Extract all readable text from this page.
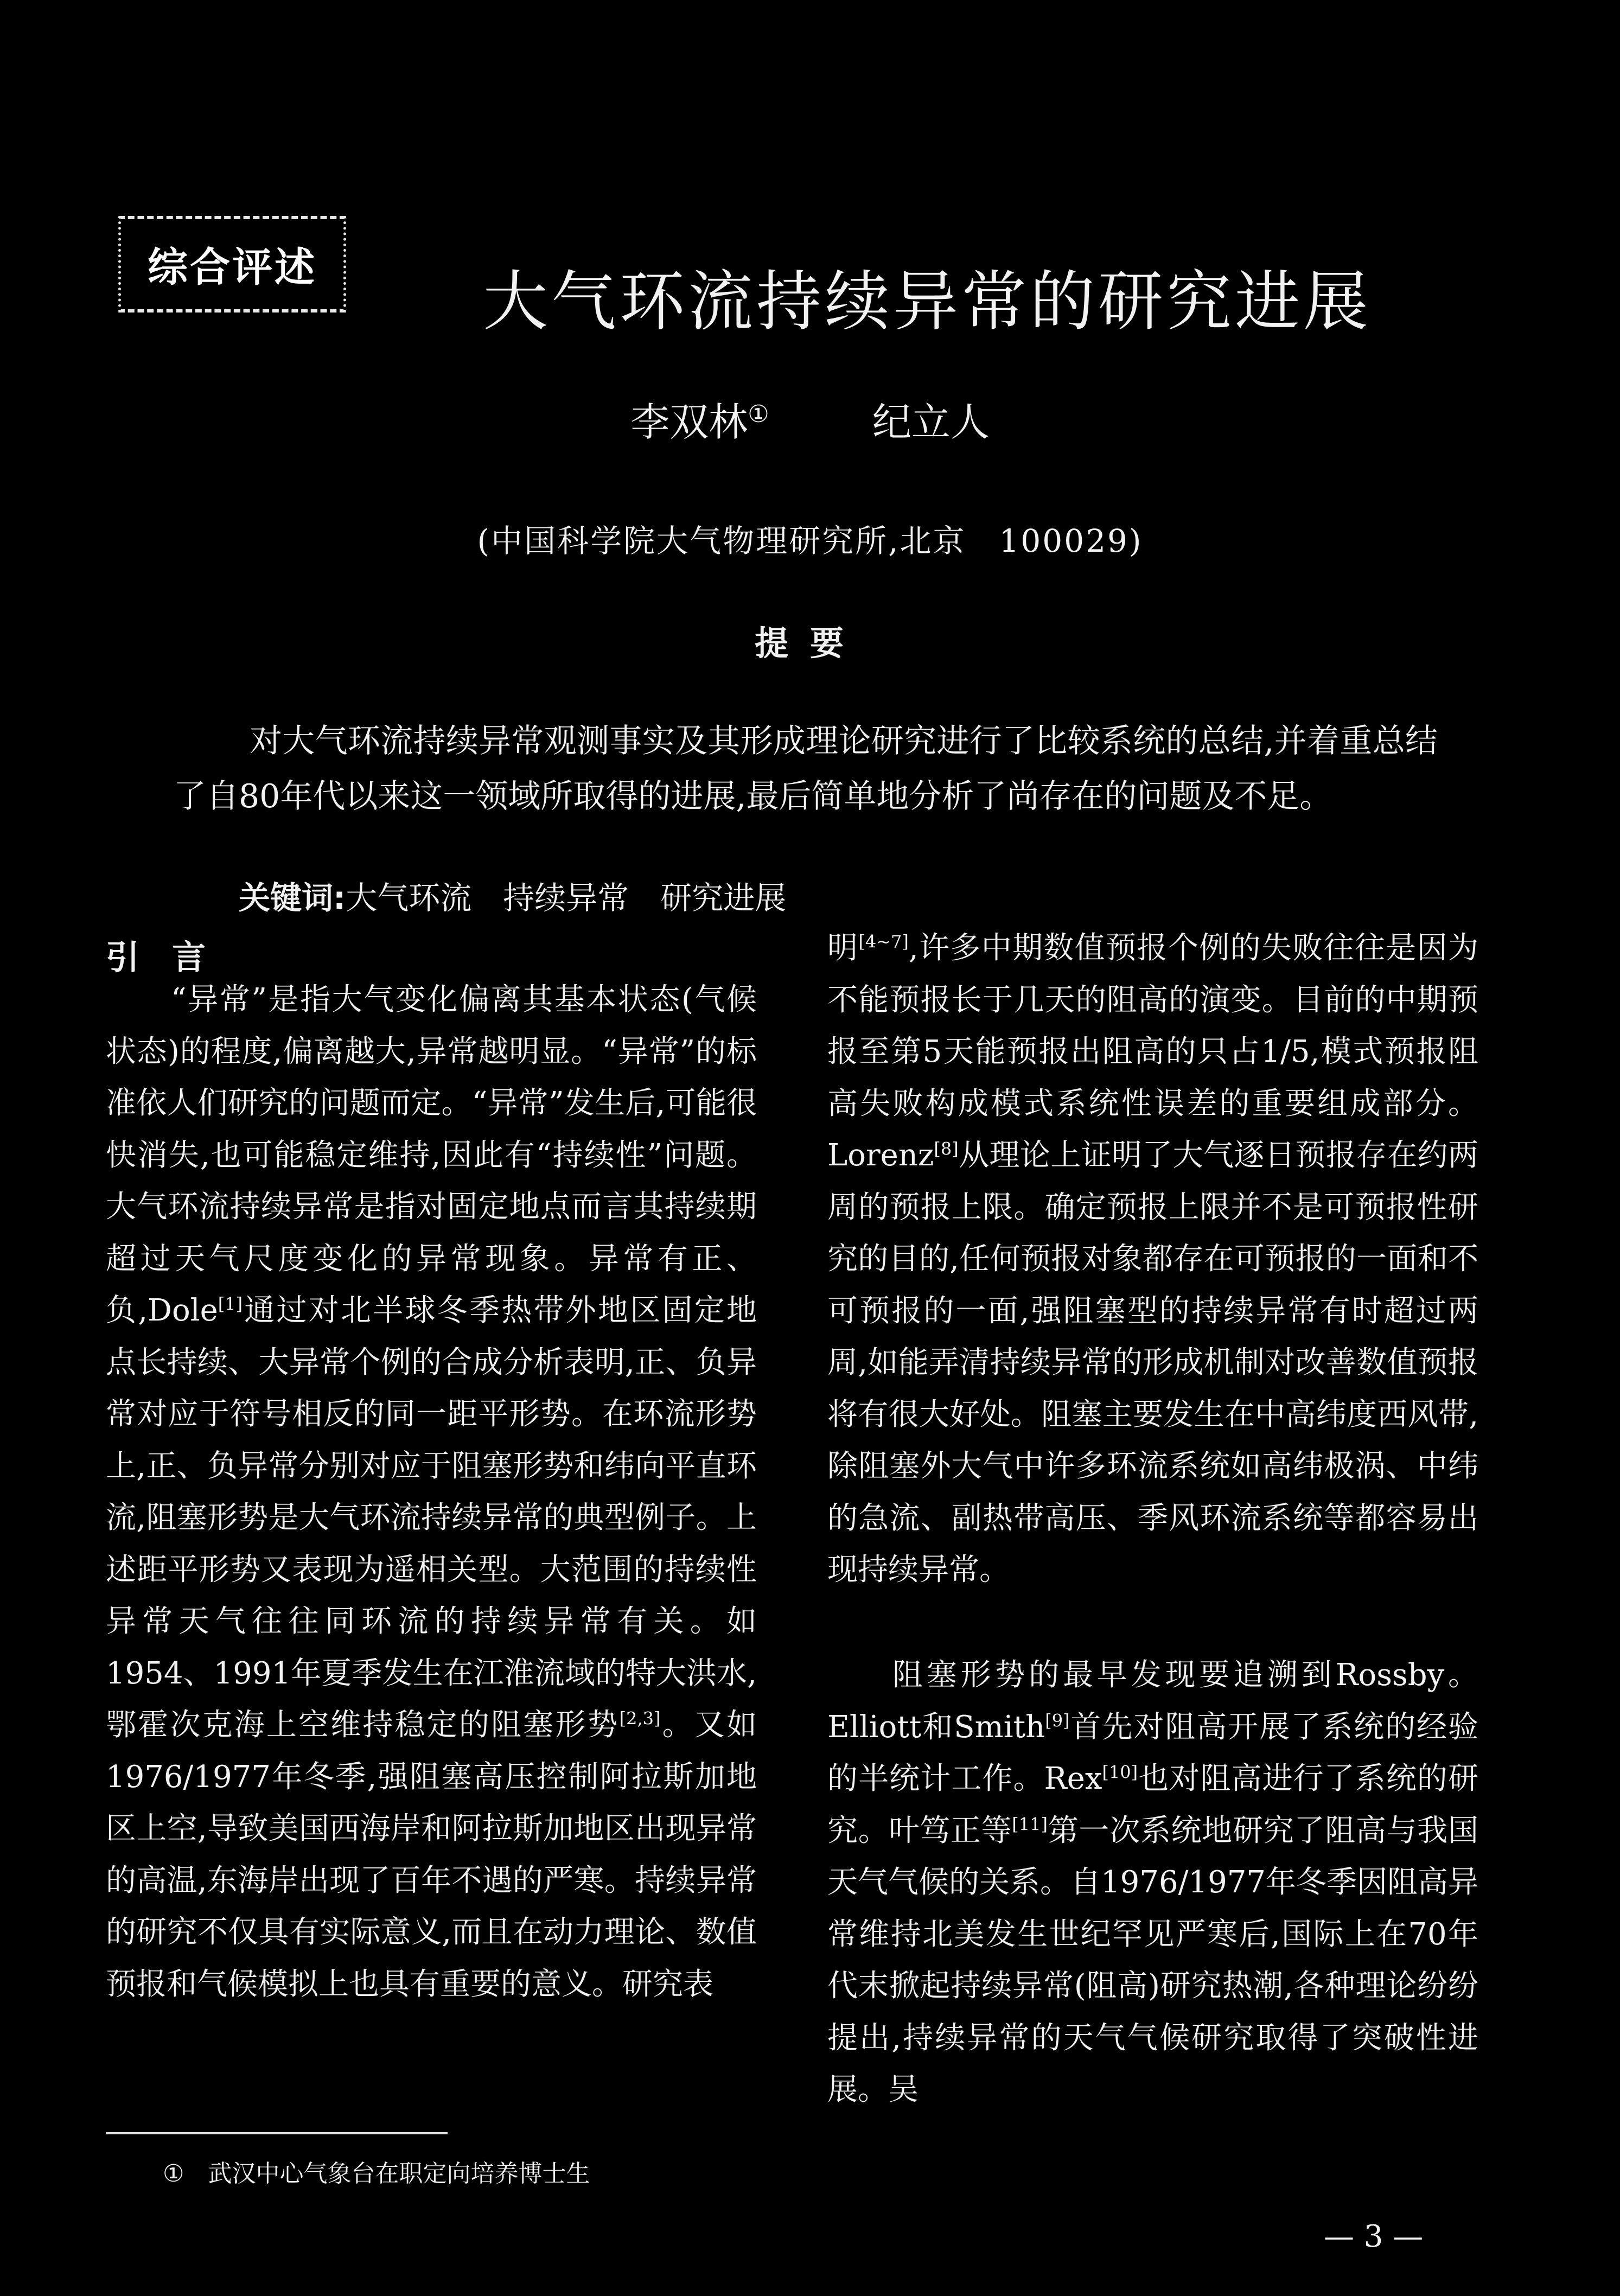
综合评述	大气环流持续异常的研究进展
李双林①	纪立人
(中国科学院大气物理研究所,北京　100029)
提要

对大气环流持续异常观测事实及其形成理论研究进行了比较系统的总结,并着重总结了自80年代以来这一领域所取得的进展,最后简单地分析了尚存在的问题及不足。

关键词:大气环流　持续异常　研究进展
引言

“异常”是指大气变化偏离其基本状态(气候状态)的程度,偏离越大,异常越明显。“异常”的标准依人们研究的问题而定。“异常”发生后,可能很快消失,也可能稳定维持,因此有“持续性”问题。大气环流持续异常是指对固定地点而言其持续期超过天气尺度变化的异常现象。异常有正、负,Dole[1]通过对北半球冬季热带外地区固定地点长持续、大异常个例的合成分析表明,正、负异常对应于符号相反的同一距平形势。在环流形势上,正、负异常分别对应于阻塞形势和纬向平直环流,阻塞形势是大气环流持续异常的典型例子。上述距平形势又表现为遥相关型。大范围的持续性异常天气往往同环流的持续异常有关。如1954、1991年夏季发生在江淮流域的特大洪水,鄂霍次克海上空维持稳定的阻塞形势[2,3]。又如1976/1977年冬季,强阻塞高压控制阿拉斯加地区上空,导致美国西海岸和阿拉斯加地区出现异常的高温,东海岸出现了百年不遇的严寒。持续异常的研究不仅具有实际意义,而且在动力理论、数值预报和气候模拟上也具有重要的意义。研究表

明[4~7],许多中期数值预报个例的失败往往是因为不能预报长于几天的阻高的演变。目前的中期预报至第5天能预报出阻高的只占1/5,模式预报阻高失败构成模式系统性误差的重要组成部分。Lorenz[8]从理论上证明了大气逐日预报存在约两周的预报上限。确定预报上限并不是可预报性研究的目的,任何预报对象都存在可预报的一面和不可预报的一面,强阻塞型的持续异常有时超过两周,如能弄清持续异常的形成机制对改善数值预报将有很大好处。阻塞主要发生在中高纬度西风带,除阻塞外大气中许多环流系统如高纬极涡、中纬的急流、副热带高压、季风环流系统等都容易出现持续异常。

阻塞形势的最早发现要追溯到Rossby。Elliott和Smith[9]首先对阻高开展了系统的经验的半统计工作。Rex[10]也对阻高进行了系统的研究。叶笃正等[11]第一次系统地研究了阻高与我国天气气候的关系。自1976/1977年冬季因阻高异常维持北美发生世纪罕见严寒后,国际上在70年代末掀起持续异常(阻高)研究热潮,各种理论纷纷提出,持续异常的天气气候研究取得了突破性进展。吴

①　武汉中心气象台在职定向培养博士生
— 3 —
